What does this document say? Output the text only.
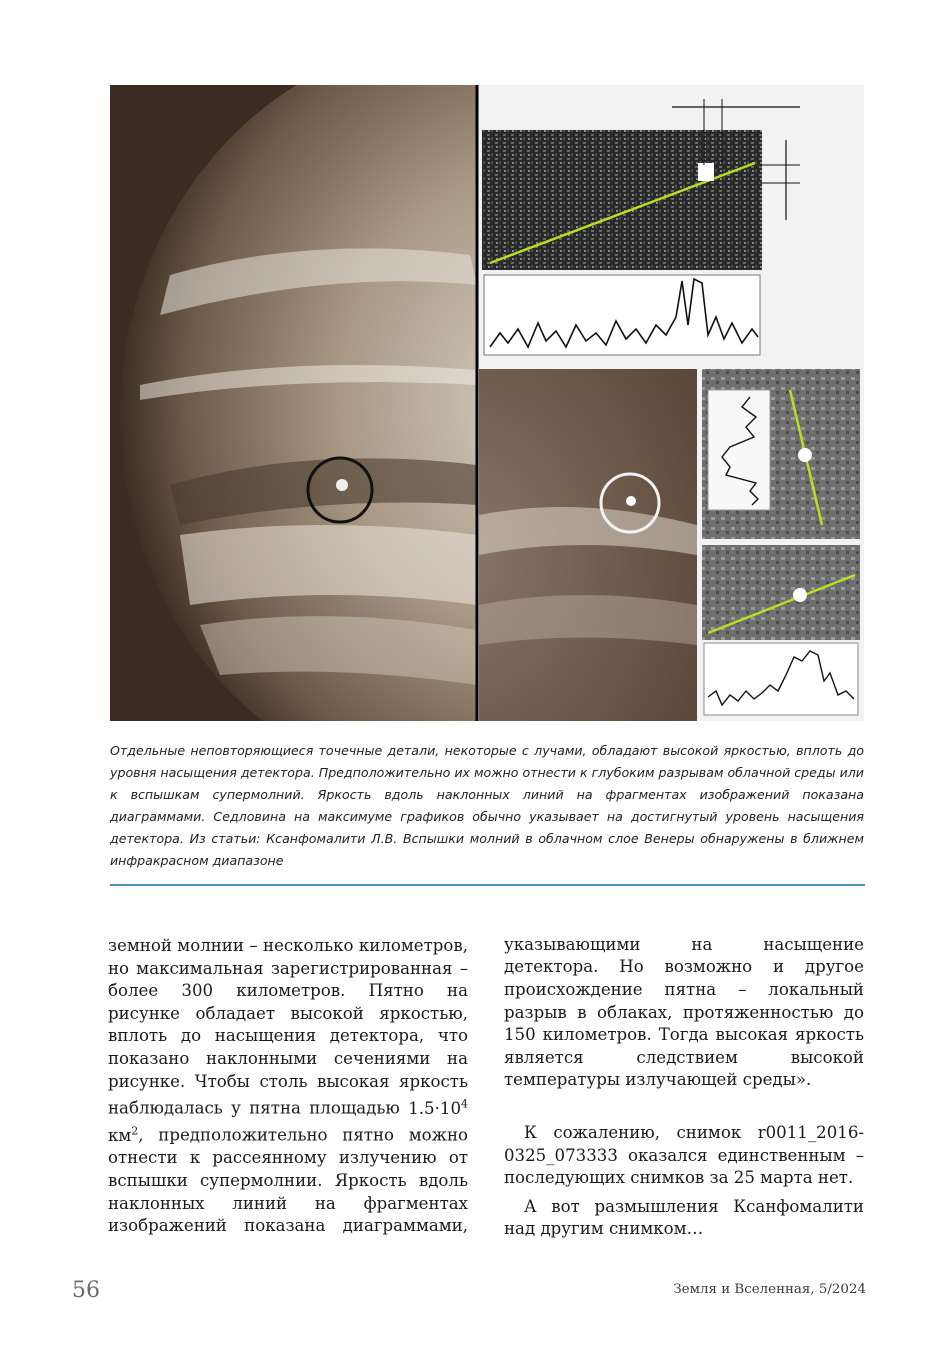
Отдельные неповторяющиеся точечные детали, некоторые с лучами, обладают высокой яркостью, вплоть до уровня насыщения детектора. Предположительно их можно отнести к глубоким разрывам облачной среды или к вспышкам супермолний. Яркость вдоль наклонных линий на фрагментах изображений показана диаграммами. Седловина на максимуме графиков обычно указывает на достигнутый уровень насыщения детектора. Из статьи: Ксанфомалити Л.В. Вспышки молний в облачном слое Венеры обнаружены в ближнем инфракрасном диапазоне

земной молнии – несколько километров, но максимальная зарегистрированная – более 300 километров. Пятно на рисунке обладает высокой яркостью, вплоть до насыщения детектора, что показано наклонными сечениями на рисунке. Чтобы столь высокая яркость наблюдалась у пятна площадью $1.5\cdot 10^4$ $км^2$, предположительно пятно можно отнести к рассеянному излучению от вспышки супермолнии. Яркость вдоль наклонных линий на фрагментах изображений показана диаграммами,

указывающими на насыщение детектора. Но возможно и другое происхождение пятна – локальный разрыв в облаках, протяженностью до 150 километров. Тогда высокая яркость является следствием высокой температуры излучающей среды».

К сожалению, снимок r0011_2016-0325_073333 оказался единственным – последующих снимков за 25 марта нет.

А вот размышления Ксанфомалити над другим снимком…

56	Земля и Вселенная, 5/2024
